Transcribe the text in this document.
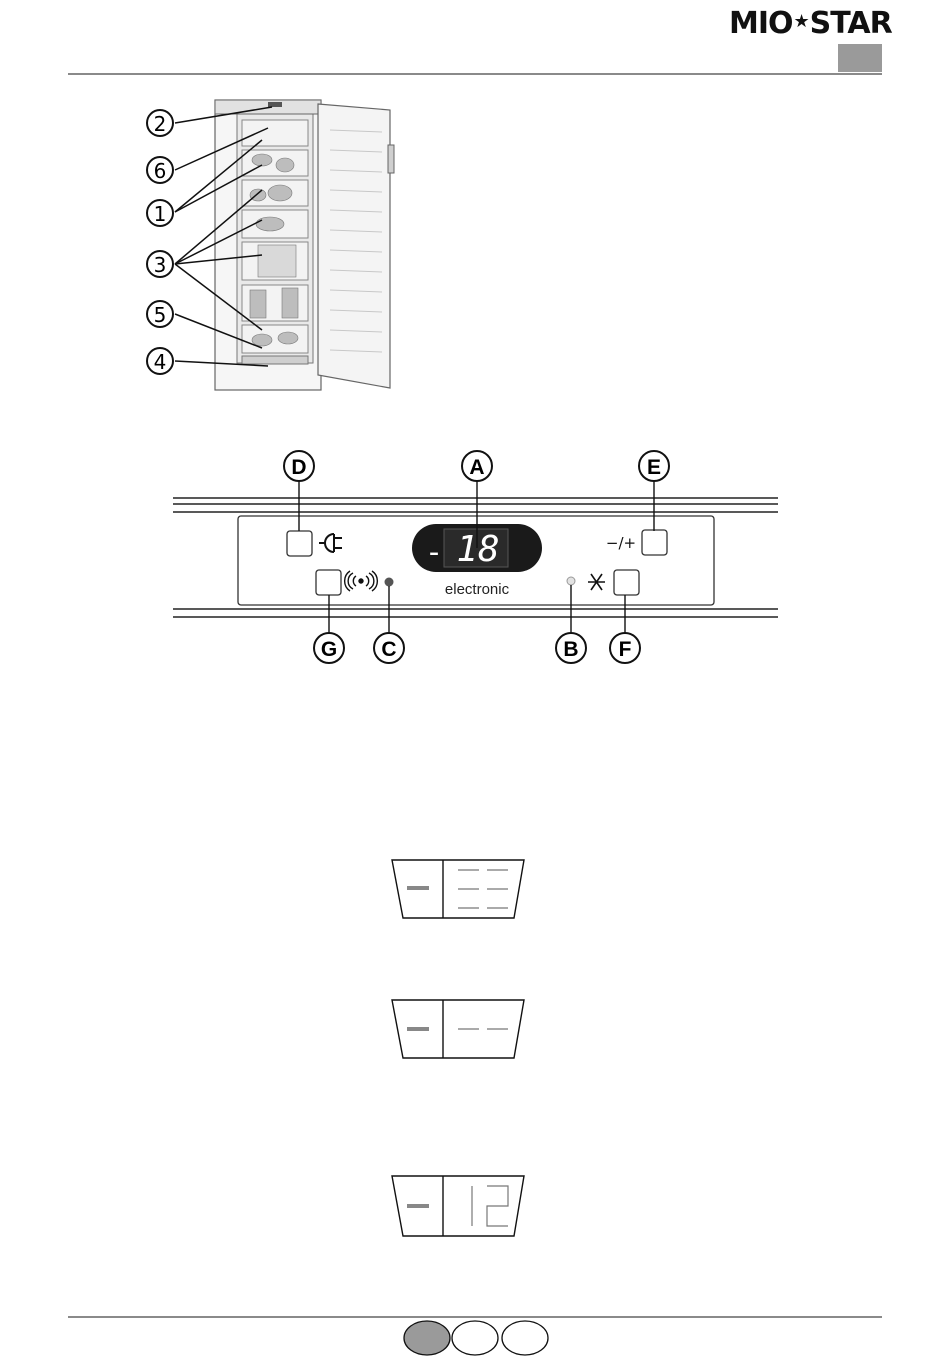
MIO★STAR
2
6
1
3
5
4
- 18
electronic
−/+
D	A	E
G C	B F
